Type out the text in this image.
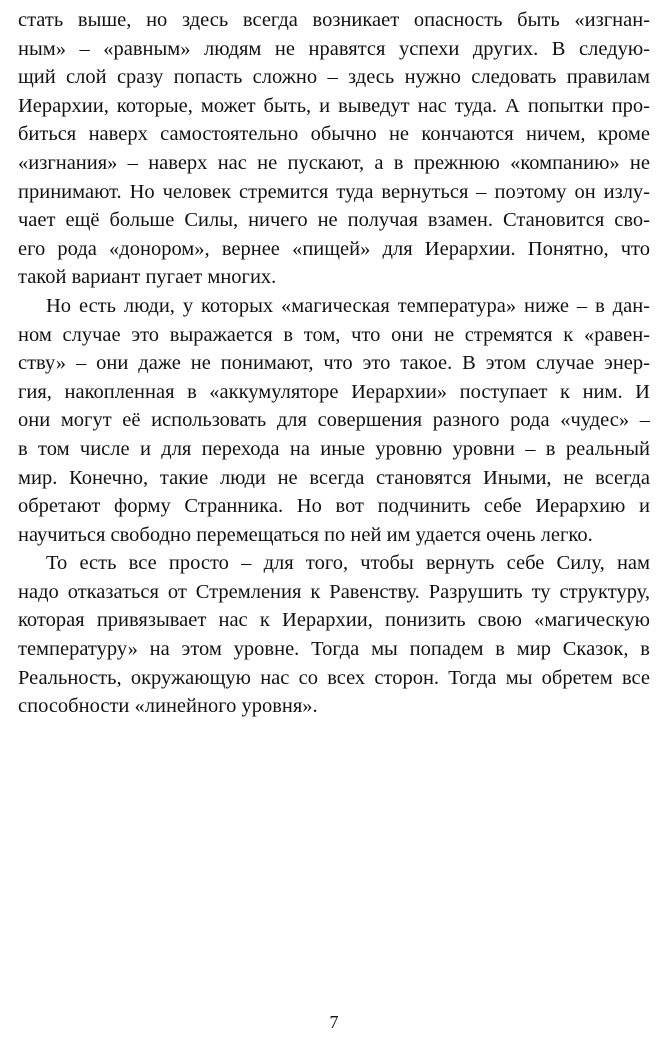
стать выше, но здесь всегда возникает опасность быть «изгнан-
ным» – «равным» людям не нравятся успехи других. В следую-
щий слой сразу попасть сложно – здесь нужно следовать правилам
Иерархии, которые, может быть, и выведут нас туда. А попытки про-
биться наверх самостоятельно обычно не кончаются ничем, кроме
«изгнания» – наверх нас не пускают, а в прежнюю «компанию» не
принимают. Но человек стремится туда вернуться – поэтому он излу-
чает ещё больше Силы, ничего не получая взамен. Становится сво-
его рода «донором», вернее «пищей» для Иерархии. Понятно, что
такой вариант пугает многих.

Но есть люди, у которых «магическая температура» ниже – в дан-
ном случае это выражается в том, что они не стремятся к «равен-
ству» – они даже не понимают, что это такое. В этом случае энер-
гия, накопленная в «аккумуляторе Иерархии» поступает к ним. И
они могут её использовать для совершения разного рода «чудес» –
в том числе и для перехода на иные уровню уровни – в реальный
мир. Конечно, такие люди не всегда становятся Иными, не всегда
обретают форму Странника. Но вот подчинить себе Иерархию и
научиться свободно перемещаться по ней им удается очень легко.

То есть все просто – для того, чтобы вернуть себе Силу, нам
надо отказаться от Стремления к Равенству. Разрушить ту структуру,
которая привязывает нас к Иерархии, понизить свою «магическую
температуру» на этом уровне. Тогда мы попадем в мир Сказок, в
Реальность, окружающую нас со всех сторон. Тогда мы обретем все
способности «линейного уровня».

7
